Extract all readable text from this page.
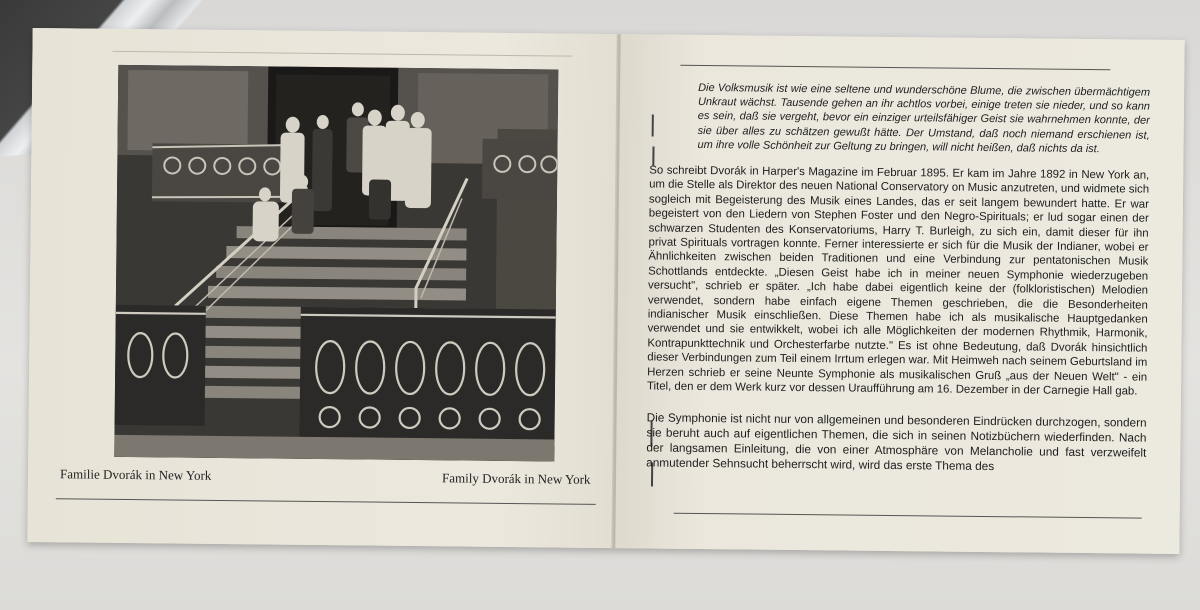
Familie Dvorák in New York	Family Dvorák in New York

Die Volksmusik ist wie eine seltene und wunderschöne Blume, die zwischen übermächtigem Unkraut wächst. Tausende gehen an ihr achtlos vorbei, einige treten sie nieder, und so kann es sein, daß sie vergeht, bevor ein einziger urteilsfähiger Geist sie wahrnehmen konnte, der sie über alles zu schätzen gewußt hätte. Der Umstand, daß noch niemand erschienen ist, um ihre volle Schönheit zur Geltung zu bringen, will nicht heißen, daß nichts da ist.

So schreibt Dvorák in Harper's Magazine im Februar 1895. Er kam im Jahre 1892 in New York an, um die Stelle als Direktor des neuen National Conservatory on Music anzutreten, und widmete sich sogleich mit Begeisterung des Musik eines Landes, das er seit langem bewundert hatte. Er war begeistert von den Liedern von Stephen Foster und den Negro-Spirituals; er lud sogar einen der schwarzen Studenten des Konservatoriums, Harry T. Burleigh, zu sich ein, damit dieser für ihn privat Spirituals vortragen konnte. Ferner interessierte er sich für die Musik der Indianer, wobei er Ähnlichkeiten zwischen beiden Traditionen und eine Verbindung zur pentatonischen Musik Schottlands entdeckte. „Diesen Geist habe ich in meiner neuen Symphonie wiederzugeben versucht", schrieb er später. „Ich habe dabei eigentlich keine der (folkloristischen) Melodien verwendet, sondern habe einfach eigene Themen geschrieben, die die Besonderheiten indianischer Musik einschließen. Diese Themen habe ich als musikalische Hauptgedanken verwendet und sie entwikkelt, wobei ich alle Möglichkeiten der modernen Rhythmik, Harmonik, Kontrapunkttechnik und Orchesterfarbe nutzte." Es ist ohne Bedeutung, daß Dvorák hinsichtlich dieser Verbindungen zum Teil einem Irrtum erlegen war. Mit Heimweh nach seinem Geburtsland im Herzen schrieb er seine Neunte Symphonie als musikalischen Gruß „aus der Neuen Welt" - ein Titel, den er dem Werk kurz vor dessen Uraufführung am 16. Dezember in der Carnegie Hall gab.

Die Symphonie ist nicht nur von allgemeinen und besonderen Eindrücken durchzogen, sondern sie beruht auch auf eigentlichen Themen, die sich in seinen Notizbüchern wiederfinden. Nach der langsamen Einleitung, die von einer Atmosphäre von Melancholie und fast verzweifelt anmutender Sehnsucht beherrscht wird, wird das erste Thema des
